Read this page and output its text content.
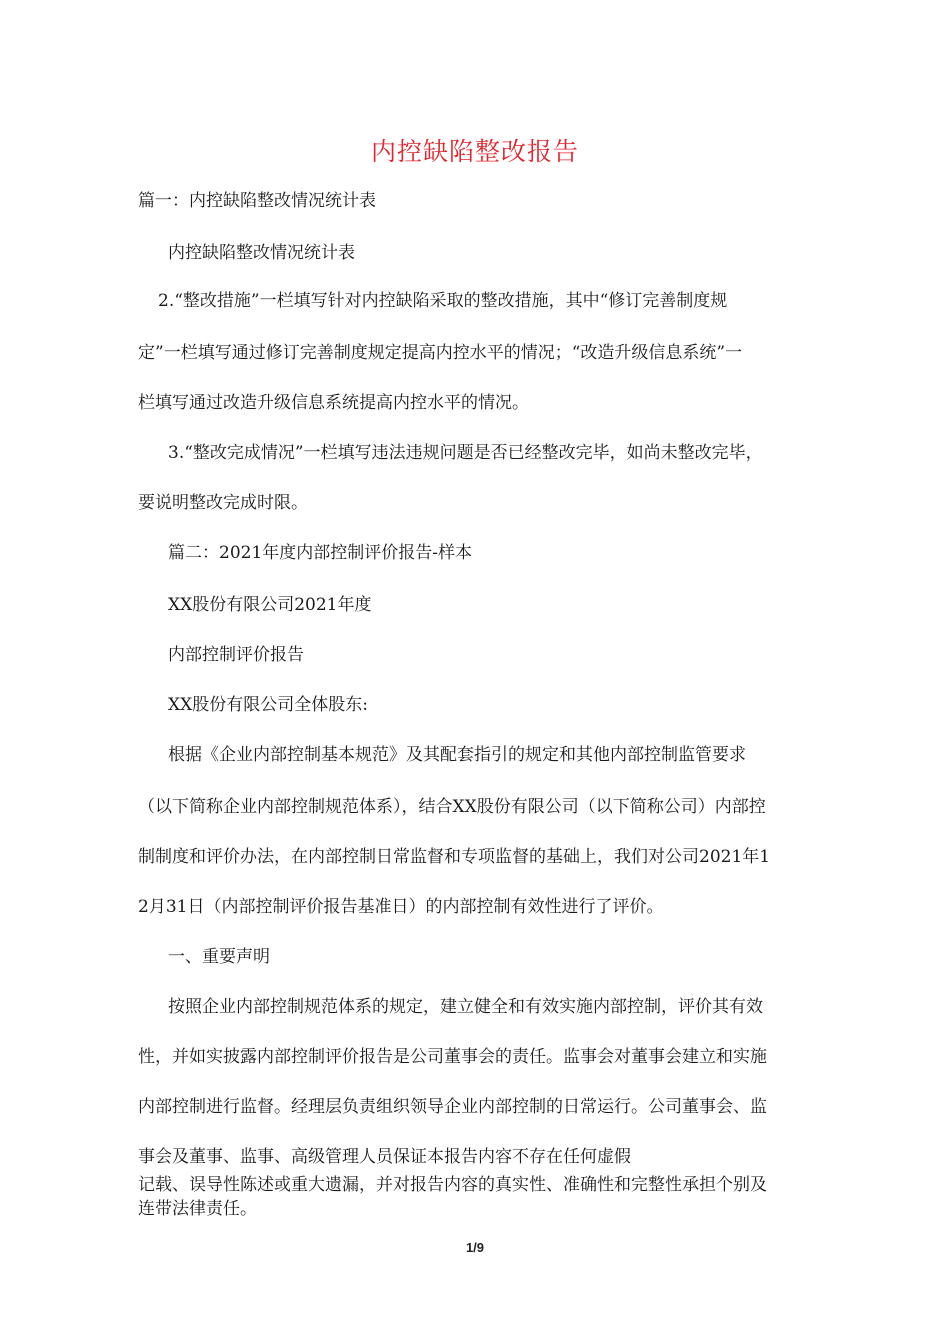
内控缺陷整改报告
篇一：内控缺陷整改情况统计表
内控缺陷整改情况统计表
2.“整改措施”一栏填写针对内控缺陷采取的整改措施，其中“修订完善制度规
定”一栏填写通过修订完善制度规定提高内控水平的情况；“改造升级信息系统”一
栏填写通过改造升级信息系统提高内控水平的情况。
3.“整改完成情况”一栏填写违法违规问题是否已经整改完毕，如尚未整改完毕，
要说明整改完成时限。
篇二：2021年度内部控制评价报告-样本
XX股份有限公司2021年度
内部控制评价报告
XX股份有限公司全体股东:
根据《企业内部控制基本规范》及其配套指引的规定和其他内部控制监管要求
（以下简称企业内部控制规范体系），结合XX股份有限公司（以下简称公司）内部控
制制度和评价办法，在内部控制日常监督和专项监督的基础上，我们对公司2021年1
2月31日（内部控制评价报告基准日）的内部控制有效性进行了评价。
一、重要声明
按照企业内部控制规范体系的规定，建立健全和有效实施内部控制，评价其有效
性，并如实披露内部控制评价报告是公司董事会的责任。监事会对董事会建立和实施
内部控制进行监督。经理层负责组织领导企业内部控制的日常运行。公司董事会、监
事会及董事、监事、高级管理人员保证本报告内容不存在任何虚假
记载、误导性陈述或重大遗漏，并对报告内容的真实性、准确性和完整性承担个别及
连带法律责任。
1/9
